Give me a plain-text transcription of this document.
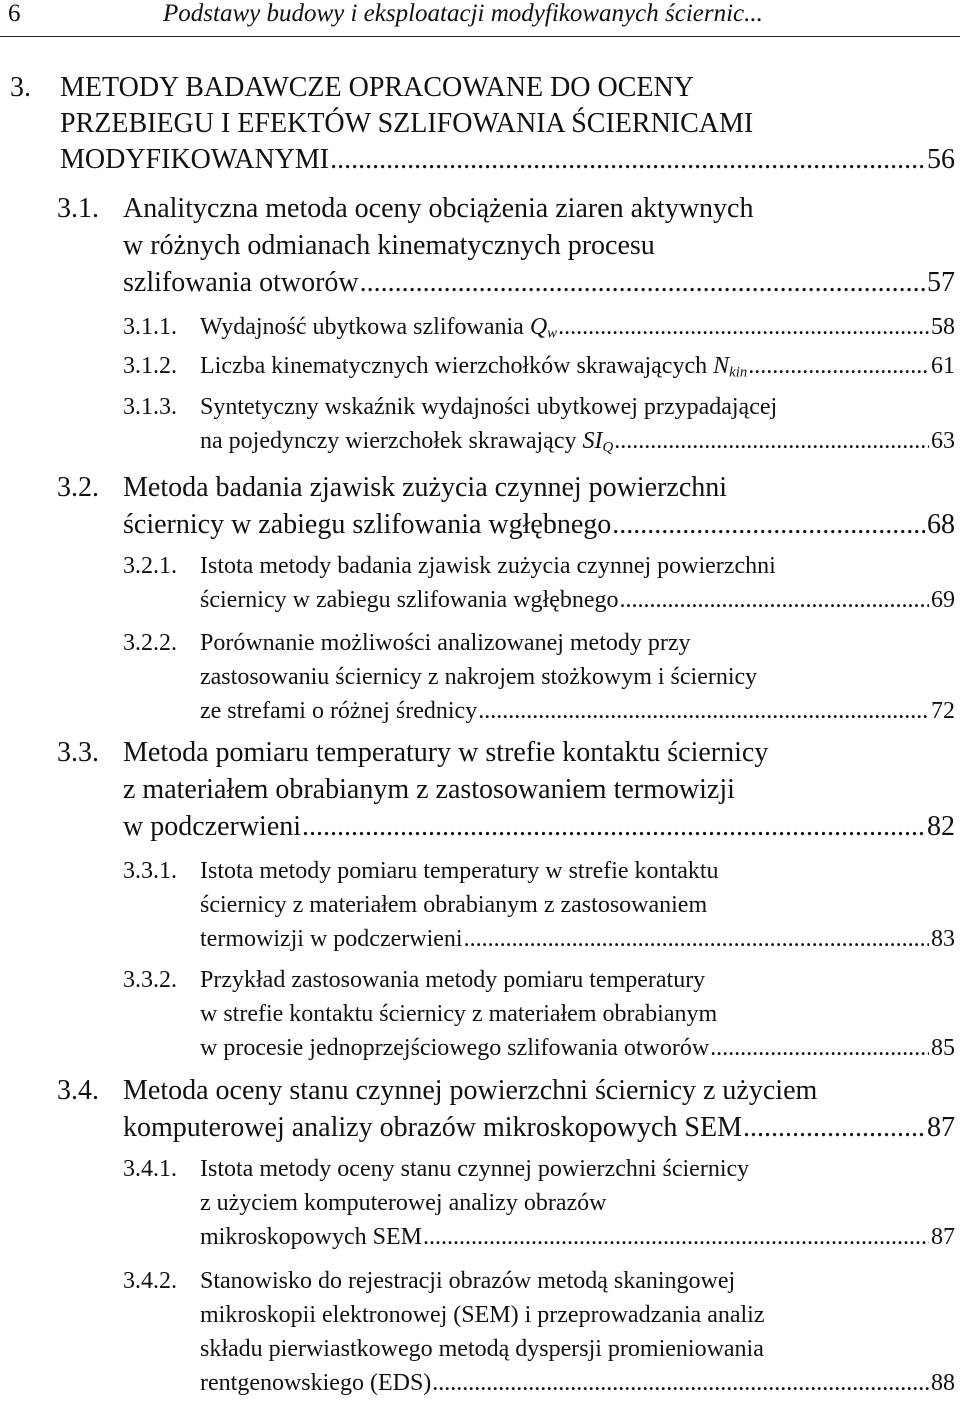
6	Podstawy budowy i eksploatacji modyfikowanych ściernic...
3. METODY BADAWCZE OPRACOWANE DO OCENY
PRZEBIEGU I EFEKTÓW SZLIFOWANIA ŚCIERNICAMI
MODYFIKOWANYMI .....	56
3.1. Analityczna metoda oceny obciążenia ziaren aktywnych
w różnych odmianach kinematycznych procesu
szlifowania otworów .....	57
3.1.1. Wydajność ubytkowa szlifowania $Q_w$ .....	58
3.1.2. Liczba kinematycznych wierzchołków skrawających $N_{kin}$ .....	61
3.1.3. Syntetyczny wskaźnik wydajności ubytkowej przypadającej
na pojedynczy wierzchołek skrawający $SI_Q$ .....	63
3.2. Metoda badania zjawisk zużycia czynnej powierzchni
ściernicy w zabiegu szlifowania wgłębnego .....	68
3.2.1. Istota metody badania zjawisk zużycia czynnej powierzchni
ściernicy w zabiegu szlifowania wgłębnego .....	69
3.2.2. Porównanie możliwości analizowanej metody przy
zastosowaniu ściernicy z nakrojem stożkowym i ściernicy
ze strefami o różnej średnicy .....	72
3.3. Metoda pomiaru temperatury w strefie kontaktu ściernicy
z materiałem obrabianym z zastosowaniem termowizji
w podczerwieni .....	82
3.3.1. Istota metody pomiaru temperatury w strefie kontaktu
ściernicy z materiałem obrabianym z zastosowaniem
termowizji w podczerwieni .....	83
3.3.2. Przykład zastosowania metody pomiaru temperatury
w strefie kontaktu ściernicy z materiałem obrabianym
w procesie jednoprzejściowego szlifowania otworów .....	85
3.4. Metoda oceny stanu czynnej powierzchni ściernicy z użyciem
komputerowej analizy obrazów mikroskopowych SEM .....	87
3.4.1. Istota metody oceny stanu czynnej powierzchni ściernicy
z użyciem komputerowej analizy obrazów
mikroskopowych SEM .....	87
3.4.2. Stanowisko do rejestracji obrazów metodą skaningowej
mikroskopii elektronowej (SEM) i przeprowadzania analiz
składu pierwiastkowego metodą dyspersji promieniowania
rentgenowskiego (EDS) .....	88
